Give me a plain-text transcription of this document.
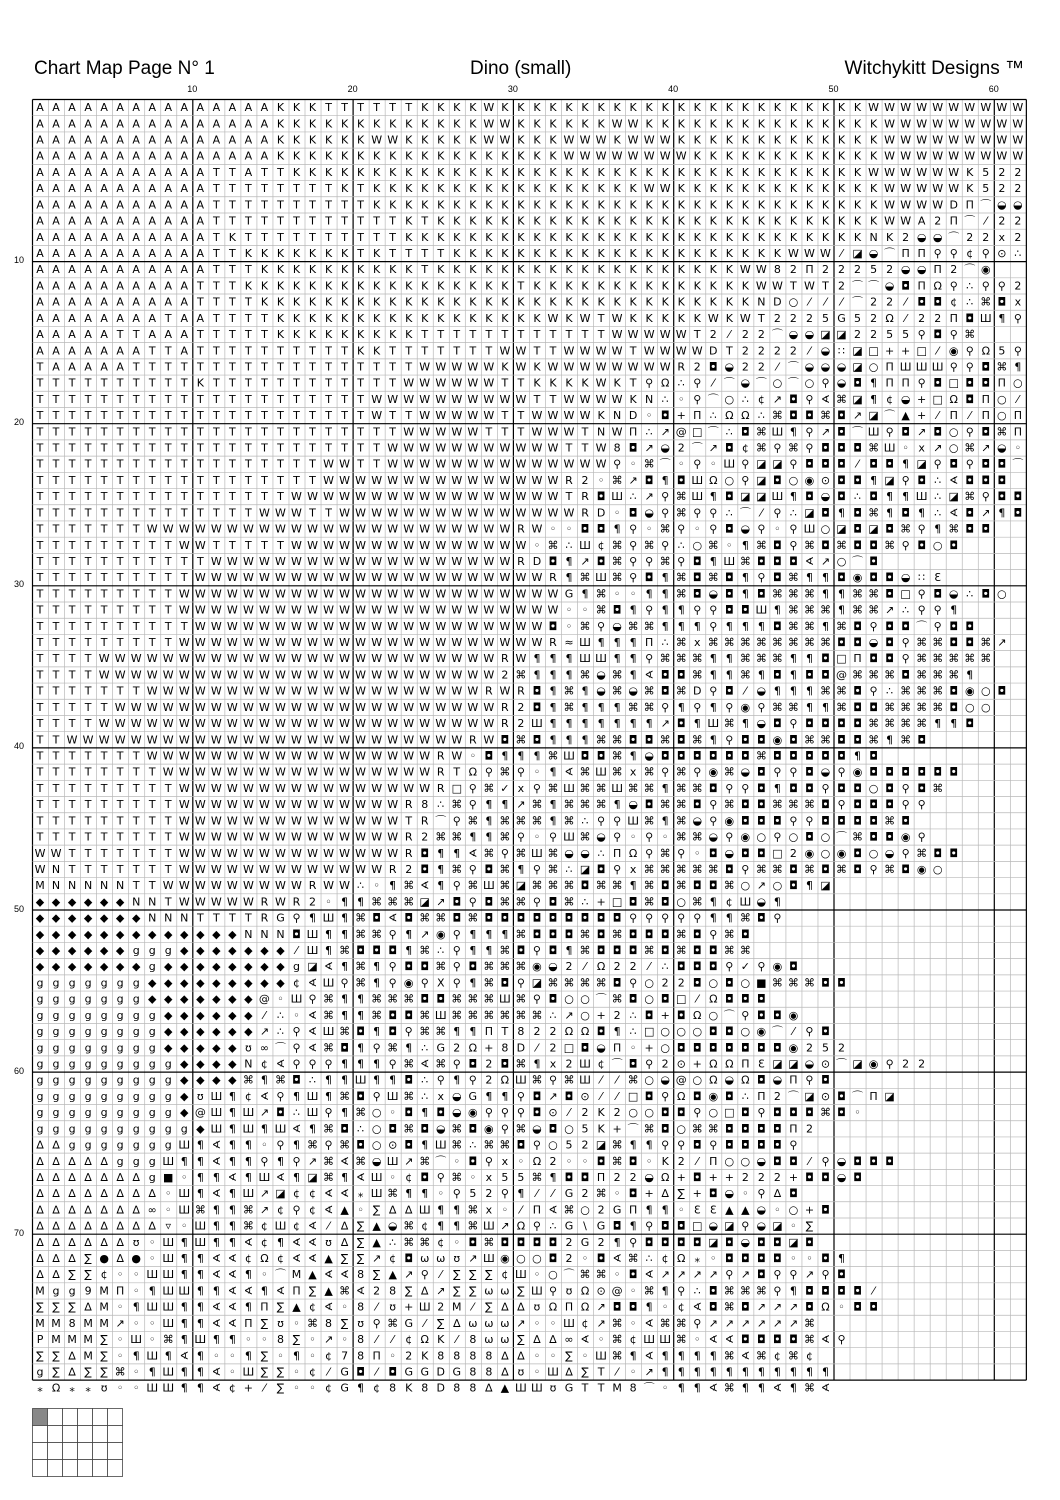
Chart Map Page N° 1	Dino (small)	Witchykitt Designs ™
10	20	30	40	50	60
10
20
30
40
50
60
70
A A A A A A A A A A A A A A A K K K T T T T T T K K K K W K K K K K K K K K K K K K K K K K K K K K K K W W W W W W W W W W
A A A A A A A A A A A A A A A K K K K K K K K K K K K K W W K K K K K K W W K K K K K K K K K K K K K K K W W W W W W W W W
A A A A A A A A A A A A A A A K K K K K K W W K K K K K W W K K K W W W K W W W K K K K K K K K K K K K K W W W W W W W W W
A A A A A A A A A A A A A A A K K K K K K K K K K K K K K K K K K W W W W W W W W K K K K K K K K K K K K W W W W W W W W W
A A A A A A A A A A A T T A T T K K K K K K K K K K K K K K K K K K K K K K K K K K K K K K K K K K K K W W W W W W K 5 2 2
A A A A A A A A A A A T T T T T T T T K T K K K K K K K K K K K K K K K K K W W K K K K K K K K K K K K K W W W W W K 5 2 2
A A A A A A A A A A A T T T T T T T T T T K K K K K K K K K K K K K K K K K K K K K K K K K K K K K K K K W W W W D Π ⌒ ◒ ◒
A A A A A A A A A A A T T T T T T T T T T T T K T K K K K K K K K K K K K K K K K K K K K K K K K K K K K W W A 2 Π ⌒ ⁄ 2 2
A A A A A A A A A A A T K T T T T T T T T T T K K K K K K K K K K K K K K K K K K K K K K K K K K K K K N K 2 ◒ ◒ ⌒ 2 2 x 2
A A A A A A A A A A A T T K K K K K K K T K T T T T K K K K K K K K K K K K K K K K K K K K K W W W ⁄ ◪ ◒ ⌒ Π Π ⚲ ⚲ ¢ ⚲ ⊙ ∴
A A A A A A A A A A A T T T K K K K K K K K K K T K K K K K K K K K K K K K K K K K K K W W 8 2 Π 2 2 2 5 2 ◒ ◒ Π 2 ⌒ ◉
A A A A A A A A A A T T T K K K K K K K K K K K K K K K K K T K K K K K K K K K K K K K K W W T W T 2 ⌒ ⌒ ◒ ◘ Π Ω ⚲ ∴ ⚲ ⚲ 2
A A A A A A A A A A T T T T K K K K K K K K K K K K K K K K K K K K K K K K K K K K K K K N D ○ ⁄ ⁄ ⁄ ⌒ 2 2 ⁄ ◘ ◘ ¢ ∴ ⌘ ◘ x
A A A A A A A A T A A T T T T K K K K K K K K K K K K K K K K K W K W T W K K K K K W K W T 2 2 2 5 G 5 2 Ω ⁄ 2 2 Π ◘ Ш ¶ ⚲
A A A A A T T A A A T T T T T K K K K K K K K K T T T T T T T T T T T T W W W W W T 2 ⁄ 2 2 ⌒ ◒ ◒ ◪ ◪ 2 2 5 5 ⚲ ◘ ⚲ ⌘
A A A A A A A T T A T T T T T T T T T T K K T T T T T T T W W T T W W W W T W W W W D T 2 2 2 2 ⁄ ◒ ∷ ◪ □ + + □ ⁄ ◉ ⚲ Ω 5 ⚲
T A A A A A T T T T T T T T T T T T T T T T T T W W W W W K W K W W W W W W W W R 2 ◘ ◒ 2 2 ⁄ ⌒ ◒ ◒ ◒ ◪ ○ Π Ш Ш Ш ⚲ ⚲ ◘ ⌘ ¶
T T T T T T T T T T K T T T T T T T T T T T T W W W W W W T T K K K K W K T ⚲ Ω ∴ ⚲ ⁄ ⌒ ◒ ⌒ ○ ⌒ ○ ⚲ ◒ ◘ ¶ Π Π ⚲ ◘ □ ◘ ◘ Π ○
T T T T T T T T T T T T T T T T T T T T T W W W W W W W W W W T T W W W W K N ∴ ◦ ⚲ ⌒ ○ ∴ ¢ ↗ ◘ ⚲ ∢ ⌘ ◪ ¶ ¢ ◒ + □ Ω ◘ Π ○ ⁄
T T T T T T T T T T T T T T T T T T T T T W T T W W W W W T T W W W W K N D ◦ ◘ + Π ∴ Ω Ω ∴ ⌘ ◘ ◘ ⌘ ◘ ↗ ◪ ⌒ ▲ + ⁄ Π ⁄ Π ○ Π
T T T T T T T T T T T T T T T T T T T T T T T W W W W W T T T W W W T N W Π ∴ ↗ @ □ ⌒ ∴ ◘ ⌘ Ш ¶ ⚲ ↗ ◘ ⌒ Ш ⚲ ◘ ↗ ◘ ○ ⚲ ◘ ⌘ Π
T T T T T T T T T T T T T T T T T T T T T T W W W W W W W W W W W T T W 8 ◘ ↗ ◒ 2 ⌒ ↗ ◘ ¢ ⌘ ⚲ ⌘ ⚲ ◘ ◘ ◘ ⌘ Ш ◦ x ↗ ○ ⌘ ↗ ◒ ◦
T T T T T T T T T T T T T T T T T T W W T T W W W W W W W W W W W W W W ⚲ ◦ ⌘ ⌒ ◦ ⚲ ◦ Ш ⚲ ◪ ◪ ⚲ ◘ ◘ ◘ ⁄ ◘ ◘ ¶ ◪ ⚲ ◘ ⚲ ◘ ◘ ⌒
T T T T T T T T T T T T T T T T T T W W W W W W W W W W W W W W W R 2 ◦ ⌘ ↗ ◘ ¶ ◘ Ш Ω ○ ⚲ ◪ ◘ ○ ◉ ⊙ ◘ ◘ ¶ ◪ ⚲ ◘ ∴ ∢ ◘ ◘ ◘
T T T T T T T T T T T T T T T T W W W W W W W W W W W W W W W W W T R ◘ Ш ∴ ↗ ⚲ ⌘ Ш ¶ ◘ ◪ ◪ Ш ¶ ◘ ◒ ◘ ∴ ◘ ¶ ¶ Ш ∴ ◪ ⌘ ⚲ ◘ ◘
T T T T T T T T T T T T T T W W W T T W W W W W W W W W W W W W W W R D ◦ ◘ ◒ ⚲ ⌘ ⚲ ⚲ ∴ ⌒ ⁄ ⚲ ∴ ◪ ◘ ¶ ◘ ⌘ ¶ ◘ ¶ ∴ ∢ ◘ ↗ ¶ ◘
T T T T T T T W W W W W W W W W W W W W W W W W W W W W W W R W ◦ ◦ ◘ ◘ ¶ ⚲ ◦ ⌘ ⚲ ◦ ⚲ ◘ ◒ ⚲ ◦ ⚲ Ш ○ ◪ ◘ ◪ ◘ ⌘ ⚲ ¶ ⌘ ◘ ◘
T T T T T T T T T W W T T T T T W W W W W W W W W W W W W W W ◦ ⌘ ∴ Ш ¢ ⌘ ⚲ ⌘ ⚲ ∴ ○ ⌘ ◦ ¶ ⌘ ◘ ⚲ ⌘ ◘ ⌘ ◘ ◘ ⌘ ⚲ ◘ ○ ◘
T T T T T T T T T T T W W W W W W W W W W W W W W W W W W W R D ◘ ¶ ↗ ◘ ⌘ ⚲ ⚲ ⌘ ⚲ ◘ ¶ Ш ⌘ ◘ ◘ ◘ ∢ ↗ ○ ⌒ ◘
T T T T T T T T T T W W W W W W W W W W W W W W W W W W W W W W R ¶ ⌘ Ш ⌘ ⚲ ◘ ¶ ⌘ ◘ ⌘ ◘ ¶ ⚲ ◘ ⌘ ¶ ¶ ◘ ◉ ◘ ◘ ◒ ∷ Ɛ
T T T T T T T T T W W W W W W W W W W W W W W W W W W W W W W W W G ¶ ⌘ ◦ ◦ ¶ ¶ ⌘ ◘ ◒ ◘ ¶ ◘ ⌘ ⌘ ⌘ ¶ ¶ ⌘ ⌘ ◘ □ ⚲ ◘ ◒ ∴ ◘ ○
T T T T T T T T T W W W W W W W W W W W W W W W W W W W W W W W W ◦ ◦ ⌘ ◘ ¶ ⚲ ¶ ¶ ⚲ ⚲ ◘ ◘ Ш ¶ ⌘ ⌘ ⌘ ¶ ⌘ ⌘ ↗ ∴ ⚲ ⚲ ¶
T T T T T T T T T T W W W W W W W W W W W W W W W W W W W W W W ◘ ◦ ⌘ ⚲ ◒ ⌘ ⌘ ¶ ¶ ¶ ⚲ ¶ ¶ ¶ ◘ ⌘ ⌘ ¶ ⌘ ◘ ⚲ ◘ ◘ ⌒ ⚲ ◘ ◘
T T T T T T T T T W W W W W W W W W W W W W W W W W W W W W W W R ≈ Ш ¶ ¶ ¶ Π ∴ ⌘ x ⌘ ⌘ ⌘ ⌘ ⌘ ⌘ ⌘ ⌘ ◘ ◘ ◒ ◘ ⚲ ⌘ ⌘ ◘ ◘ ⌘ ↗
T T T T W W W W W W W W W W W W W W W W W W W W W W W W W R W ¶ ¶ ¶ Ш Ш ¶ ¶ ⚲ ⌘ ⌘ ⌘ ¶ ¶ ⌘ ⌘ ⌘ ¶ ¶ ◘ □ Π ◘ ◘ ⚲ ⌘ ⌘ ⌘ ⌘ ⌘
T T T T W W W W W W W W W W W W W W W W W W W W W W W W W 2 ⌘ ¶ ¶ ¶ ⌘ ◒ ⌘ ¶ ∢ ◘ ◘ ⌘ ¶ ¶ ⌘ ¶ ◘ ¶ ◘ ◘ @ ⌘ ⌘ ⌘ ◘ ⌘ ⌘ ⌘ ¶
T T T T T T T W W W W W W W W W W W W W W W W W W W W W R W R ◘ ¶ ⌘ ¶ ◒ ⌘ ◒ ⌘ ◘ ⌘ D ⚲ ◘ ⁄ ◒ ¶ ¶ ¶ ⌘ ⌘ ◘ ⚲ ∴ ⌘ ⌘ ⌘ ◘ ◉ ○ ◘
T T T T T W W W W W W W W W W W W W W W W W W W W W W W W R 2 ◘ ¶ ⌘ ¶ ¶ ¶ ⌘ ⌘ ⚲ ¶ ⚲ ¶ ⚲ ◉ ⚲ ⌘ ⌘ ¶ ¶ ⌘ ◘ ◘ ⌘ ⌘ ⌘ ⌘ ◘ ○ ○
T T T T W W W W W W W W W W W W W W W W W W W W W W W W W R 2 Ш ¶ ¶ ¶ ¶ ¶ ¶ ¶ ↗ ◘ ¶ Ш ⌘ ¶ ◒ ◘ ⚲ ◘ ◘ ◘ ◘ ⌘ ⌘ ⌘ ⌘ ¶ ¶ ◘
T T W W W W W W W W W W W W W W W W W W W W W W W W W R W ◘ ⌘ ◘ ¶ ¶ ¶ ⌘ ⌘ ◘ ◘ ⌘ ◘ ⌘ ¶ ⚲ ◘ ◘ ◉ ◘ ⌘ ⌘ ◘ ◘ ⌘ ¶ ⌘ ◘
T T T T T T T W W W W W W W W W W W W W W W W W W R W ◦ ◘ ¶ ¶ ¶ ⌘ Ш ◘ ◘ ⌘ ¶ ◒ ◘ ◘ ◘ ◘ ◘ ◘ ⌘ ◘ ◘ ◘ ◘ ◘ ¶ ◘
T T T T T T T T W W W W W W W W W W W W W W W W W R T Ω ⚲ ⌘ ⚲ ◦ ¶ ∢ ⌘ Ш ⌘ x ⌘ ⚲ ⌘ ⚲ ◉ ⌘ ◒ ◘ ⚲ ⚲ ◘ ◒ ⚲ ◉ ◘ ◘ ◘ ◘ ◘ ◘
T T T T T T T T T W W W W W W W W W W W W W W W W R □ ⚲ ⌘ ✓ x ⚲ ⌘ Ш ⌘ ⌘ Ш ⌘ ⌘ ¶ ⌘ ⌘ ◘ ⚲ ⚲ ◘ ¶ ◘ ◘ ⚲ ◘ ◘ ○ ◘ ⚲ ◘ ⌘
T T T T T T T T T W W W W W W W W W W W W W W R 8 ∴ ⌘ ⚲ ¶ ¶ ↗ ⌘ ¶ ⌘ ⌘ ⌘ ¶ ◒ ◘ ⌘ ⌘ ◘ ⚲ ⌘ ◘ ◘ ⌘ ⌘ ⌘ ◘ ⚲ ◘ ◘ ◘ ⚲ ⚲
T T T T T T T T T W W W W W W W W W W W W W W T R ⌒ ⚲ ⌘ ¶ ⌘ ⌘ ⌘ ¶ ⌘ ∴ ⚲ ⚲ Ш ⌘ ¶ ⌘ ◒ ⚲ ◉ ◘ ◘ ◘ ⚲ ⚲ ◘ ◘ ◘ ◘ ⌘ ◘
T T T T T T T T T W W W W W W W W W W W W W W R 2 ⌘ ⌘ ¶ ¶ ⌘ ⚲ ◦ ⚲ Ш ⌘ ◒ ⚲ ◦ ⚲ ◦ ⌘ ⌘ ◒ ⚲ ◉ ○ ⚲ ○ ◘ ○ ⌒ ⌘ ◘ ◘ ◉ ⚲
W W T T T T T T T W W W W W W W W W W W W W W R ◘ ¶ ¶ ∢ ⌘ ⚲ ⌘ Ш ⌘ ◒ ◒ ∴ Π Ω ⚲ ⌘ ⚲ ◦ ◘ ◒ ◘ ◘ □ 2 ◉ ○ ◉ ◘ ○ ◒ ⚲ ⌘ ◘ ◘
W N T T T T T T T W W W W W W W W W W W W W R 2 ◘ ¶ ⌘ ⚲ ◘ ⌘ ¶ ⚲ ⌘ ∴ ◪ ◘ ⚲ x ⌘ ⌘ ⌘ ⌘ ⌘ ◘ ⚲ ⌘ ⌘ ◘ ⌘ ◘ ⌘ ◘ ⚲ ⌘ ◘ ◉ ○
M N N N N N T T W W W W W W W W W R W W ∴ ◦ ¶ ⌘ ∢ ¶ ⚲ ⌘ Ш ⌘ ◪ ⌘ ⌘ ⌘ ◘ ⌘ ⌘ ¶ ⌘ ◘ ⌘ ◘ ◘ ⌘ ○ ↗ ○ ◘ ¶ ◪
◆ ◆ ◆ ◆ ◆ ◆ N N T W W W W W R W R 2 ◦ ¶ ¶ ⌘ ⌘ ⌘ ◪ ↗ ◘ ⚲ ◘ ⌘ ⌘ ⚲ ◘ ⌘ ∴ + □ ◘ ⌘ ◘ ○ ⌘ ¶ ¢ Ш ◒ ¶
◆ ◆ ◆ ◆ ◆ ◆ ◆ N N N T T T T R G ⚲ ¶ Ш ¶ ⌘ ◘ ∢ ◘ ⌘ ⌘ ◘ ⌘ ◘ ◘ ◘ ◘ ◘ ◘ ◘ ◘ ◘ ⚲ ⚲ ⚲ ⚲ ⚲ ¶ ¶ ⌘ ◘ ⚲
◆ ◆ ◆ ◆ ◆ ◆ ◆ ◆ ◆ ◆ ◆ ◆ ◆ N N N ◘ Ш ¶ ¶ ⌘ ⌘ ⚲ ¶ ↗ ◉ ⚲ ¶ ¶ ¶ ⌘ ◘ ◘ ◘ ⌘ ◘ ⌘ ◘ ◘ ◘ ⌘ ◘ ⚲ ⌘ ◘
◆ ◆ ◆ ◆ ◆ ◆ g g g ◆ ◆ ◆ ◆ ◆ ◆ ◆ ⁄ Ш ¶ ⌘ ◘ ◘ ◘ ¶ ⌘ ∴ ⚲ ¶ ¶ ⌘ ◘ ⚲ ◘ ¶ ⌘ ◘ ◘ ◘ ⌘ ◘ ⌘ ◘ ◘ ⌘ ⌘
◆ ◆ ◆ ◆ ◆ ◆ ◆ g ◆ ◆ ◆ ◆ ◆ ◆ ◆ ◆ g ◪ ∢ ¶ ⌘ ¶ ⚲ ◘ ◘ ⌘ ⚲ ◘ ⌘ ⌘ ⌘ ◉ ◒ 2 ⁄ Ω 2 2 ⁄ ∴ ◘ ◘ ◘ ⚲ ✓ ⚲ ◉ ◘
g g g g g g g ◆ ◆ ◆ ◆ ◆ ◆ ◆ ◆ ◆ ¢ ∢ Ш ⚲ ⌘ ¶ ⚲ ◉ ⚲ X ⚲ ¶ ⌘ ◘ ⚲ ◪ ⌘ ⌘ ⌘ ⌘ ◘ ⚲ ○ 2 2 ◘ ○ ◘ ○ ■ ⌘ ⌘ ⌘ ◘ ◘
g g g g g g g ◆ ◆ ◆ ◆ ◆ ◆ ◆ @ ◦ Ш ⚲ ⌘ ¶ ¶ ⌘ ⌘ ⌘ ◘ ◘ ⌘ ⌘ ⌘ Ш ⌘ ⚲ ◘ ○ ○ ⌒ ⌘ ◘ ○ ◘ □ ⁄ Ω ◘ ◘ ◘
g g g g g g g g ◆ ◆ ◆ ◆ ◆ ◆ ⁄ ∴ ◦ ∢ ⌘ ¶ ¶ ⌘ ◘ ◘ ⌘ Ш ⌘ ⌘ ⌘ ⌘ ⌘ ⌘ ∴ ↗ ○ + 2 ∴ ◘ + ◘ Ω ○ ⌒ ⚲ ◘ ◘ ◉
g g g g g g g g ◆ ◆ ◆ ◆ ◆ ◆ ↗ ∴ ⚲ ∢ Ш ⌘ ◘ ¶ ◘ ⚲ ⌘ ⌘ ¶ ¶ Π T 8 2 2 Ω Ω ◘ ¶ ∴ □ ○ ○ ○ ◘ ◘ ○ ◉ ⌒ ⁄ ⚲ ◘
g g g g g g g g ◆ ◆ ◆ ◆ ◆ ʊ ∞ ⌒ ⚲ ∢ ⌘ ◘ ¶ ⚲ ⌘ ¶ ∴ G 2 Ω + 8 D ⁄ 2 □ ◘ ◒ Π ◦ + ○ ◘ ◘ ◘ ◘ ◘ ◘ ◘ ◉ 2 5 2
g g g g g g g g g ◆ ◆ ◆ ◆ N ¢ ∢ ⚲ ⚲ ⚲ ¶ ¶ ¶ ⚲ ⌘ ∢ ⌘ ⚲ ◘ 2 ◘ ⌘ ¶ x 2 Ш ¢ ⌒ ◘ ⚲ 2 ⊙ + Ω Ω Π Ɛ ◪ ◪ ◒ ⊙ ⌒ ◪ ◉ ⚲ 2 2
g g g g g g g g g ◆ ◆ ◆ ◆ ⌘ ¶ ⌘ ◘ ∴ ¶ ¶ Ш ¶ ¶ ◘ ∴ ⚲ ¶ ⚲ 2 Ω Ш ⌘ ⚲ ⌘ Ш ⁄ ⁄ ⌘ ○ ◒ @ ○ Ω ◒ Ω ◘ ◒ Π ⚲ ◘
g g g g g g g g g ◆ ʊ Ш ¶ ¢ ∢ ⚲ ¶ Ш ¶ ⌘ ◘ ⚲ Ш ⌘ ∴ x ◒ G ¶ ¶ ⚲ ◘ ↗ ◘ ⊙ ⁄ ⁄ □ ◘ ⚲ Ω ◘ ◉ ◘ ∴ Π 2 ⌒ ◪ ⊙ ◘ ⌒ Π ◪
g g g g g g g g g ◆ @ Ш ¶ Ш ↗ ◘ ∴ Ш ⚲ ¶ ⌘ ○ ◦ ◘ ¶ ◘ ◒ ◉ ⚲ ⚲ ⚲ ◘ ⊙ ⁄ 2 K 2 ○ ○ ◘ ◘ ⚲ ○ □ ◘ ⚲ ◘ ◘ ◘ ⌘ ◘ ◦
g g g g g g g g g g ◆ Ш ¶ Ш ¶ Ш ∢ ¶ ⌘ ◘ ∴ ○ ◘ ⌘ ◘ ◒ ⌘ ◘ ◉ ⚲ ⌘ ◒ ◘ ○ 5 K + ⌒ ⌘ ◘ ○ ⌘ ⌘ ◘ ◘ ◘ ◘ Π 2
∆ ∆ g g g g g g g Ш ¶ ∢ ¶ ¶ ◦ ⚲ ¶ ⌘ ⚲ ⌘ ◘ ○ ⊙ ◘ ¶ Ш ⌘ ∴ ⌘ ⌘ ◘ ⚲ ○ 5 2 ◪ ⌘ ¶ ¶ ⚲ ⚲ ◘ ⚲ ◘ ◘ ◘ ◘ ⚲
∆ ∆ ∆ ∆ ∆ g g g Ш ¶ ¶ ∢ ¶ ¶ ⚲ ¶ ⚲ ↗ ⌘ ∢ ⌘ ◒ Ш ↗ ⌘ ⌒ ◦ ◘ ⚲ x ◦ Ω 2 ◦ ◦ ◘ ⌘ ◘ ◦ K 2 ⁄ Π ○ ○ ◒ ◘ ◘ ⁄ ⚲ ◒ ◘ ◘ ◘
∆ ∆ ∆ ∆ ∆ ∆ ∆ g ■ ◦ ¶ ¶ ∢ ¶ Ш ∢ ¶ ◪ ⌘ ¶ ∢ Ш ◦ ¢ ◘ ⚲ ⌘ ◦ x 5 5 ⌘ ¶ ◘ ◘ Π 2 2 ◒ Ω + ◘ + + 2 2 2 + ◘ ◘ ◒ ◘
∆ ∆ ∆ ∆ ∆ ∆ ∆ ∆ ◦ Ш ¶ ∢ ¶ Ш ↗ ◪ ¢ ¢ ∢ ∢ ⁎ Ш ⌘ ¶ ¶ ◦ ⚲ 5 2 ⚲ ¶ ⁄ ⁄ G 2 ⌘ ◦ ◘ + ∆ ∑ + ◘ ◒ ◦ ⚲ ∆ ◘
∆ ∆ ∆ ∆ ∆ ∆ ∆ ∞ ◦ Ш ⌘ ¶ ¶ ⌘ ↗ ¢ ⚲ ¢ ∢ ▲ ◦ ∑ ∆ ∆ Ш ¶ ¶ ⌘ x ◦ ⁄ Π ∢ ⌘ ○ 2 G Π ¶ ¶ ◦ Ɛ Ɛ ▲ ▲ ◒ ◦ ○ + ◘
∆ ∆ ∆ ∆ ∆ ∆ ∆ ∆ ▿ ◦ Ш ¶ ¶ ⌘ ¢ Ш ¢ ∢ ⁄ ∆ ∑ ▲ ◒ ⌘ ¢ ¶ ¶ ⌘ Ш ↗ Ω ⚲ ∴ G \ G ◘ ¶ ⚲ ◘ ◘ □ ◒ ◪ ⚲ ◒ ◪ ◦ ∑
∆ ∆ ∆ ∆ ∆ ∆ ʊ ◦ Ш ¶ Ш ¶ ¶ ∢ ¢ ¶ ∢ ∢ ʊ ∆ ∑ ▲ ∴ ⌘ ⌘ ¢ ◦ ◘ ⌘ ◘ ◘ ◘ ◘ 2 G 2 ¶ ⚲ ◘ ◘ ◘ ◘ ◪ ◘ ◒ ◘ ◘ ◪ ◘
∆ ∆ ∆ ∑ ● ∆ ● ◦ Ш ¶ ¶ ∢ ∢ ¢ Ω ¢ ∢ ∢ ▲ ∑ ∑ ↗ ¢ ◘ ω ω ʊ ↗ Ш ◉ ○ ○ ◘ 2 ◦ ◘ ∢ ⌘ ∴ ¢ Ω ⁎ ◦ ◘ ◘ ◘ ◘ ◦ ◦ ◘ ¶
∆ ∆ ∑ ∑ ¢ ◦ ◦ Ш Ш ¶ ¶ ∢ ∢ ¶ ◦ ⌒ M ▲ ∢ ∢ 8 ∑ ▲ ↗ ⚲ ⁄ ∑ ∑ ∑ ¢ Ш ◦ ○ ⌒ ⌘ ⌘ ◦ ◘ ∢ ↗ ↗ ↗ ↗ ⚲ ↗ ◘ ⚲ ⚲ ↗ ⚲ ◘
M g g 9 M Π ◦ ¶ Ш Ш ¶ ¶ ∢ ∢ ¶ ∢ Π ∑ ▲ ⌘ ∢ 2 8 ∑ ∆ ↗ ∑ ∑ ω ω ∑ Ш ⚲ ʊ Ω ⊙ @ ◦ ⌘ ¶ ⚲ ∴ ◘ ⌘ ⌘ ⌘ ⚲ ¶ ◘ ◘ ◘ ◘ ⁄
∑ ∑ ∑ ∆ M ◦ ¶ Ш Ш ¶ ¶ ∢ ∢ ¶ Π ∑ ▲ ¢ ∢ ◦ 8 ⁄ ʊ + Ш 2 M ⁄ ∑ ∆ ∆ ʊ Ω Π Ω ↗ ◘ ◘ ¶ ◦ ¢ ∢ ◘ ⌘ ◘ ↗ ↗ ↗ ◘ Ω ◦ ◘ ◘
M M 8 M M ↗ ◦ ◦ Ш ¶ ¶ ∢ ∢ Π ∑ ʊ ◦ ⌘ 8 ∑ ʊ ⚲ ⌘ G ⁄ ∑ ∆ ω ω ω ↗ ◦ ◦ Ш ¢ ↗ ⌘ ◦ ∢ ⌘ ⌘ ⚲ ↗ ↗ ↗ ↗ ↗ ↗ ⌘
P M M M ∑ ◦ Ш ◦ ⌘ ¶ Ш ¶ ¶ ◦ ◦ 8 ∑ ◦ ↗ ◦ 8 ⁄ ⁄ ¢ Ω K ⁄ 8 ω ω ∑ ∆ ∆ ∞ ∢ ◦ ⌘ ¢ Ш Ш ⌘ ◦ ∢ ∢ ◘ ◘ ◘ ◘ ⌘ ∢ ⚲
∑ ∑ ∆ M ∑ ◦ ¶ Ш ¶ ∢ ¶ ◦ ◦ ¶ ∑ ◦ ¶ ◦ ¢ 7 8 Π ◦ 2 K 8 8 8 8 ∆ ∆ ◦ ◦ ∑ ◦ Ш ⌘ ¶ ∢ ¶ ¶ ¶ ¶ ⌘ ∢ ⌘ ¢ ⌘ ¢
g ∑ ∆ ∑ ∑ ⌘ ◦ ¶ Ш ¶ ¶ ∢ ◦ Ш ∑ ∑ ◦ ¢ ⁄ G ◘ ⁄ ◘ G G D G 8 8 ∆ ʊ ◦ Ш ∆ ∑ T ⁄ ◦ ↗ ¶ ¶ ¶ ¶ ¶ ¶ ¶ ¶ ¶ ¶ ¶
⁎ Ω ⁎ ⁎ ʊ ◦ ◦ Ш Ш ¶ ¶ ∢ ¢ + ⁄ ∑ ◦ ◦ ¢ G ¶ ¢ 8 K 8 D 8 8 ∆ ▲ Ш Ш ʊ G T T M 8 ⌒ ◦ ¶ ¶ ∢ ⌘ ¶ ¶ ∢ ¶ ⌘ ∢
